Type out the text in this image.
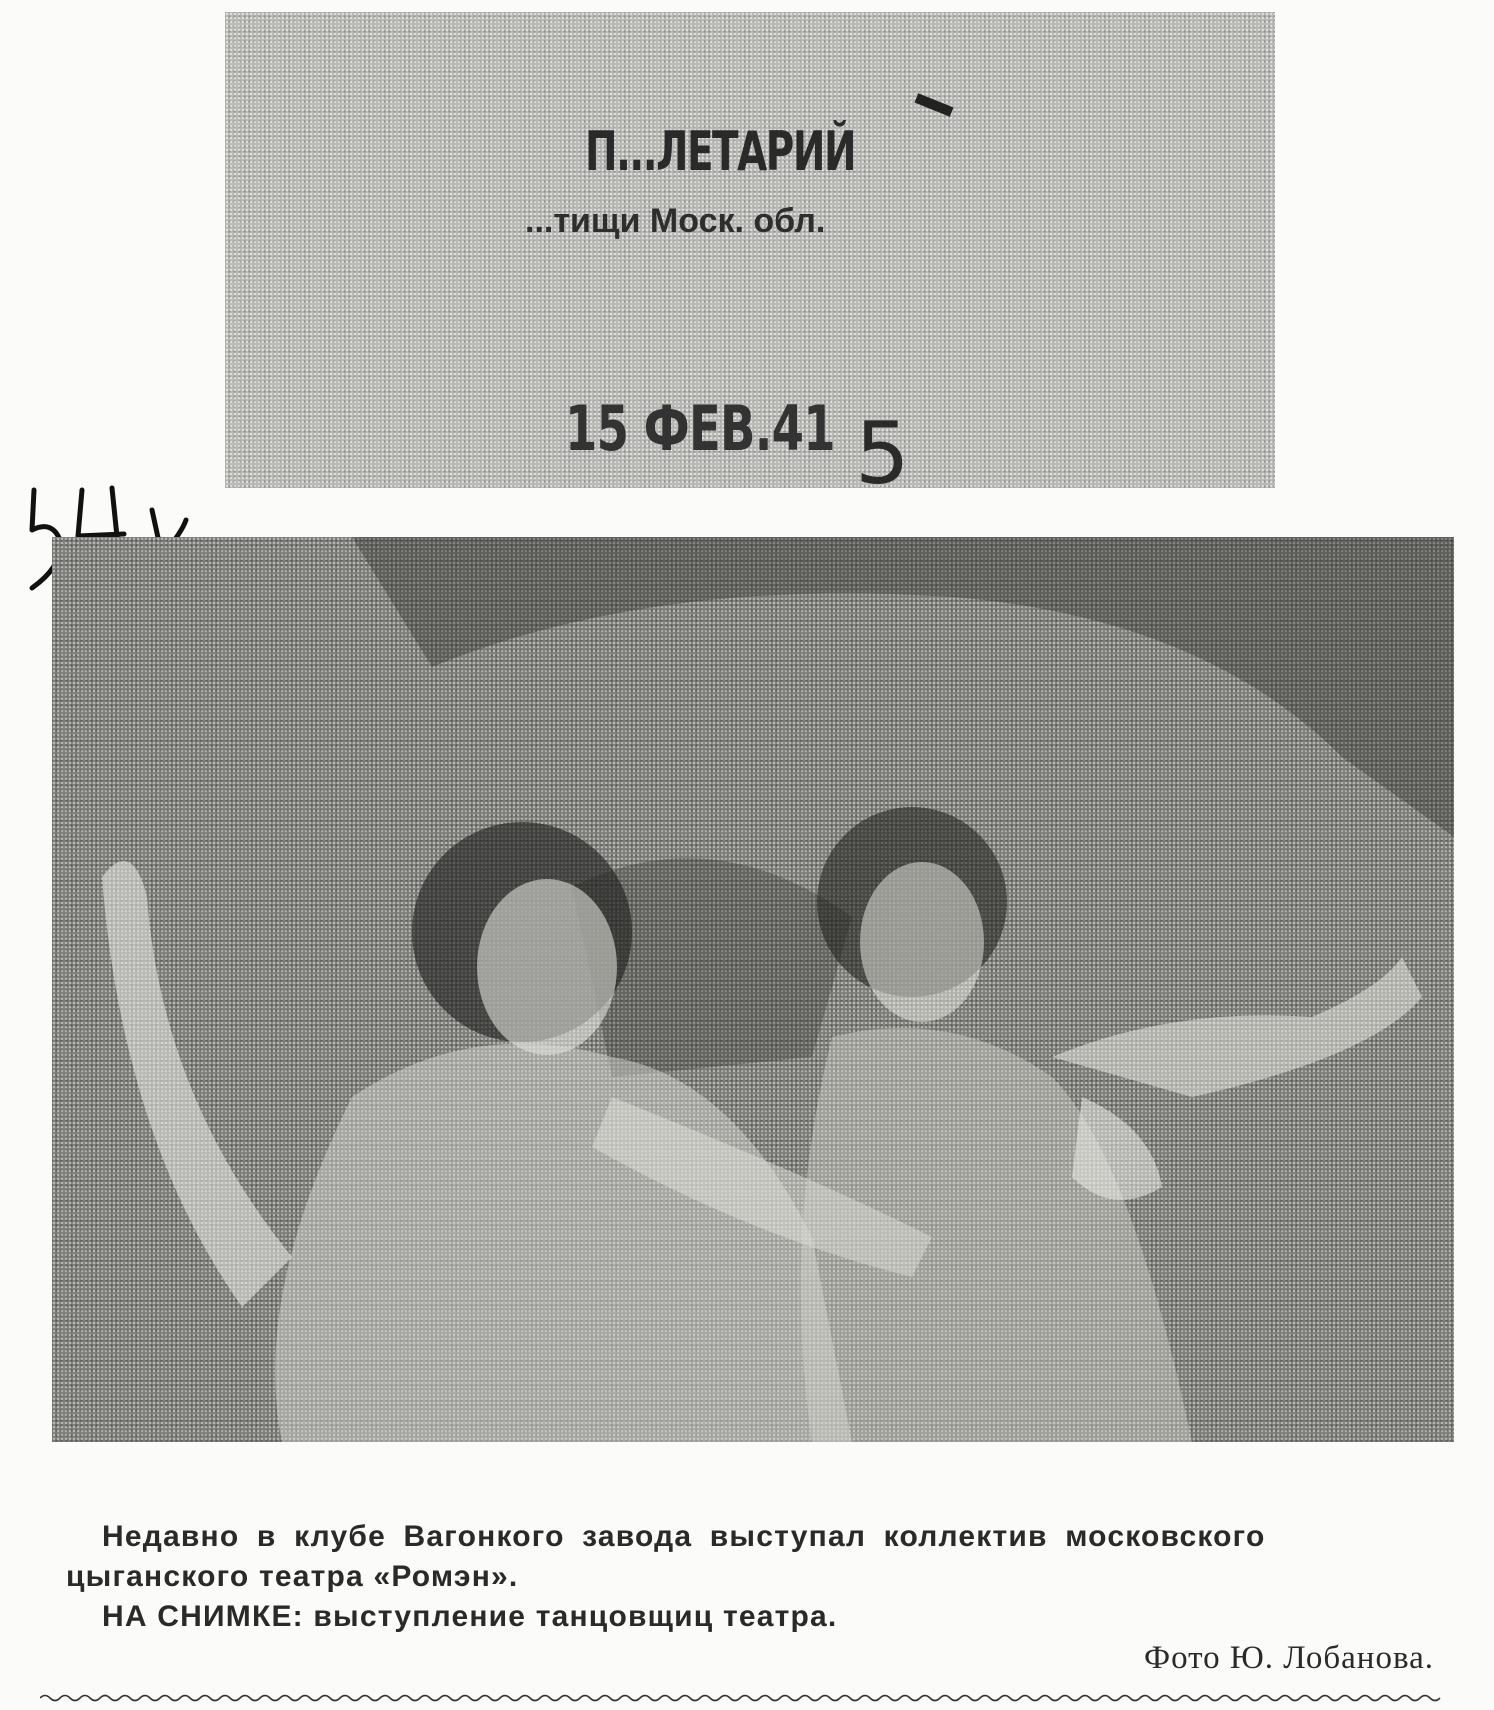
П...ЛЕТАРИЙ
...тищи Моск. обл.
15 ФЕВ.41 5

Недавно в клубе Вагонкого завода выступал коллектив московского

цыганского театра «Ромэн».

НА СНИМКЕ: выступление танцовщиц театра.

Фото Ю. Лобанова.
